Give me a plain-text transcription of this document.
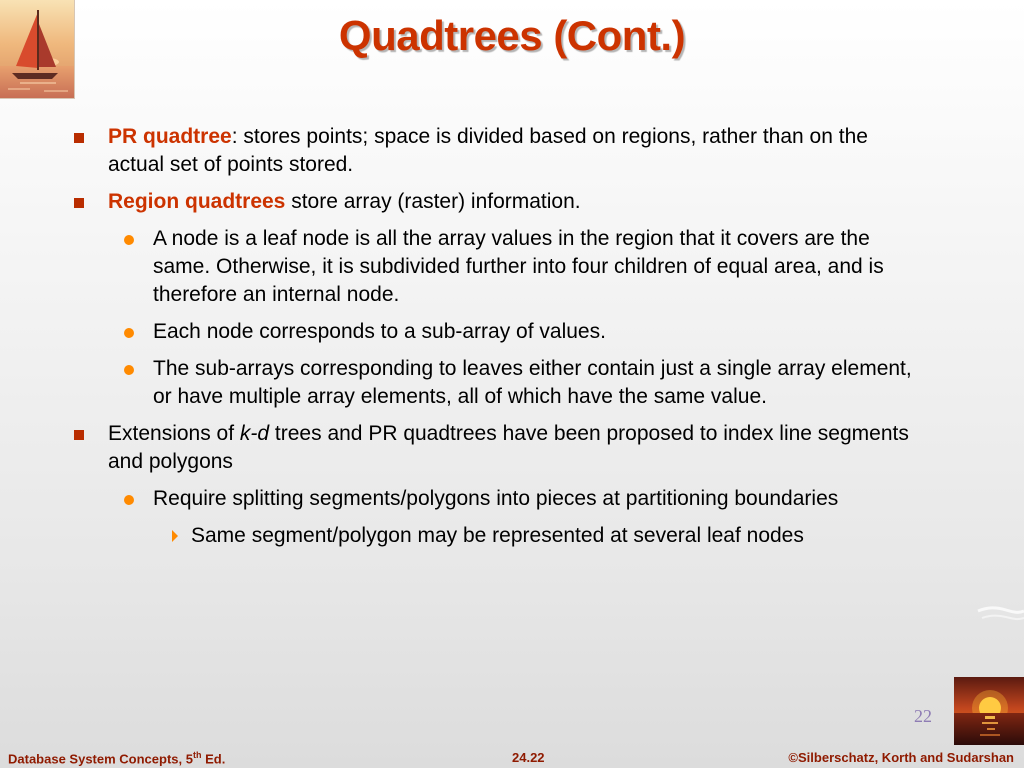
Quadtrees (Cont.)
PR quadtree: stores points; space is divided based on regions, rather than on the actual set of points stored.
Region quadtrees store array (raster) information.
A node is a leaf node is all the array values in the region that it covers are the same. Otherwise, it is subdivided further into four children of equal area, and is therefore an internal node.
Each node corresponds to a sub-array of values.
The sub-arrays corresponding to leaves either contain just a single array element, or have multiple array elements, all of which have the same value.
Extensions of k-d trees and PR quadtrees have been proposed to index line segments and polygons
Require splitting segments/polygons into pieces at partitioning boundaries
Same segment/polygon may be represented at several leaf nodes
22
Database System Concepts, 5th Ed.	24.22	©Silberschatz, Korth and Sudarshan
